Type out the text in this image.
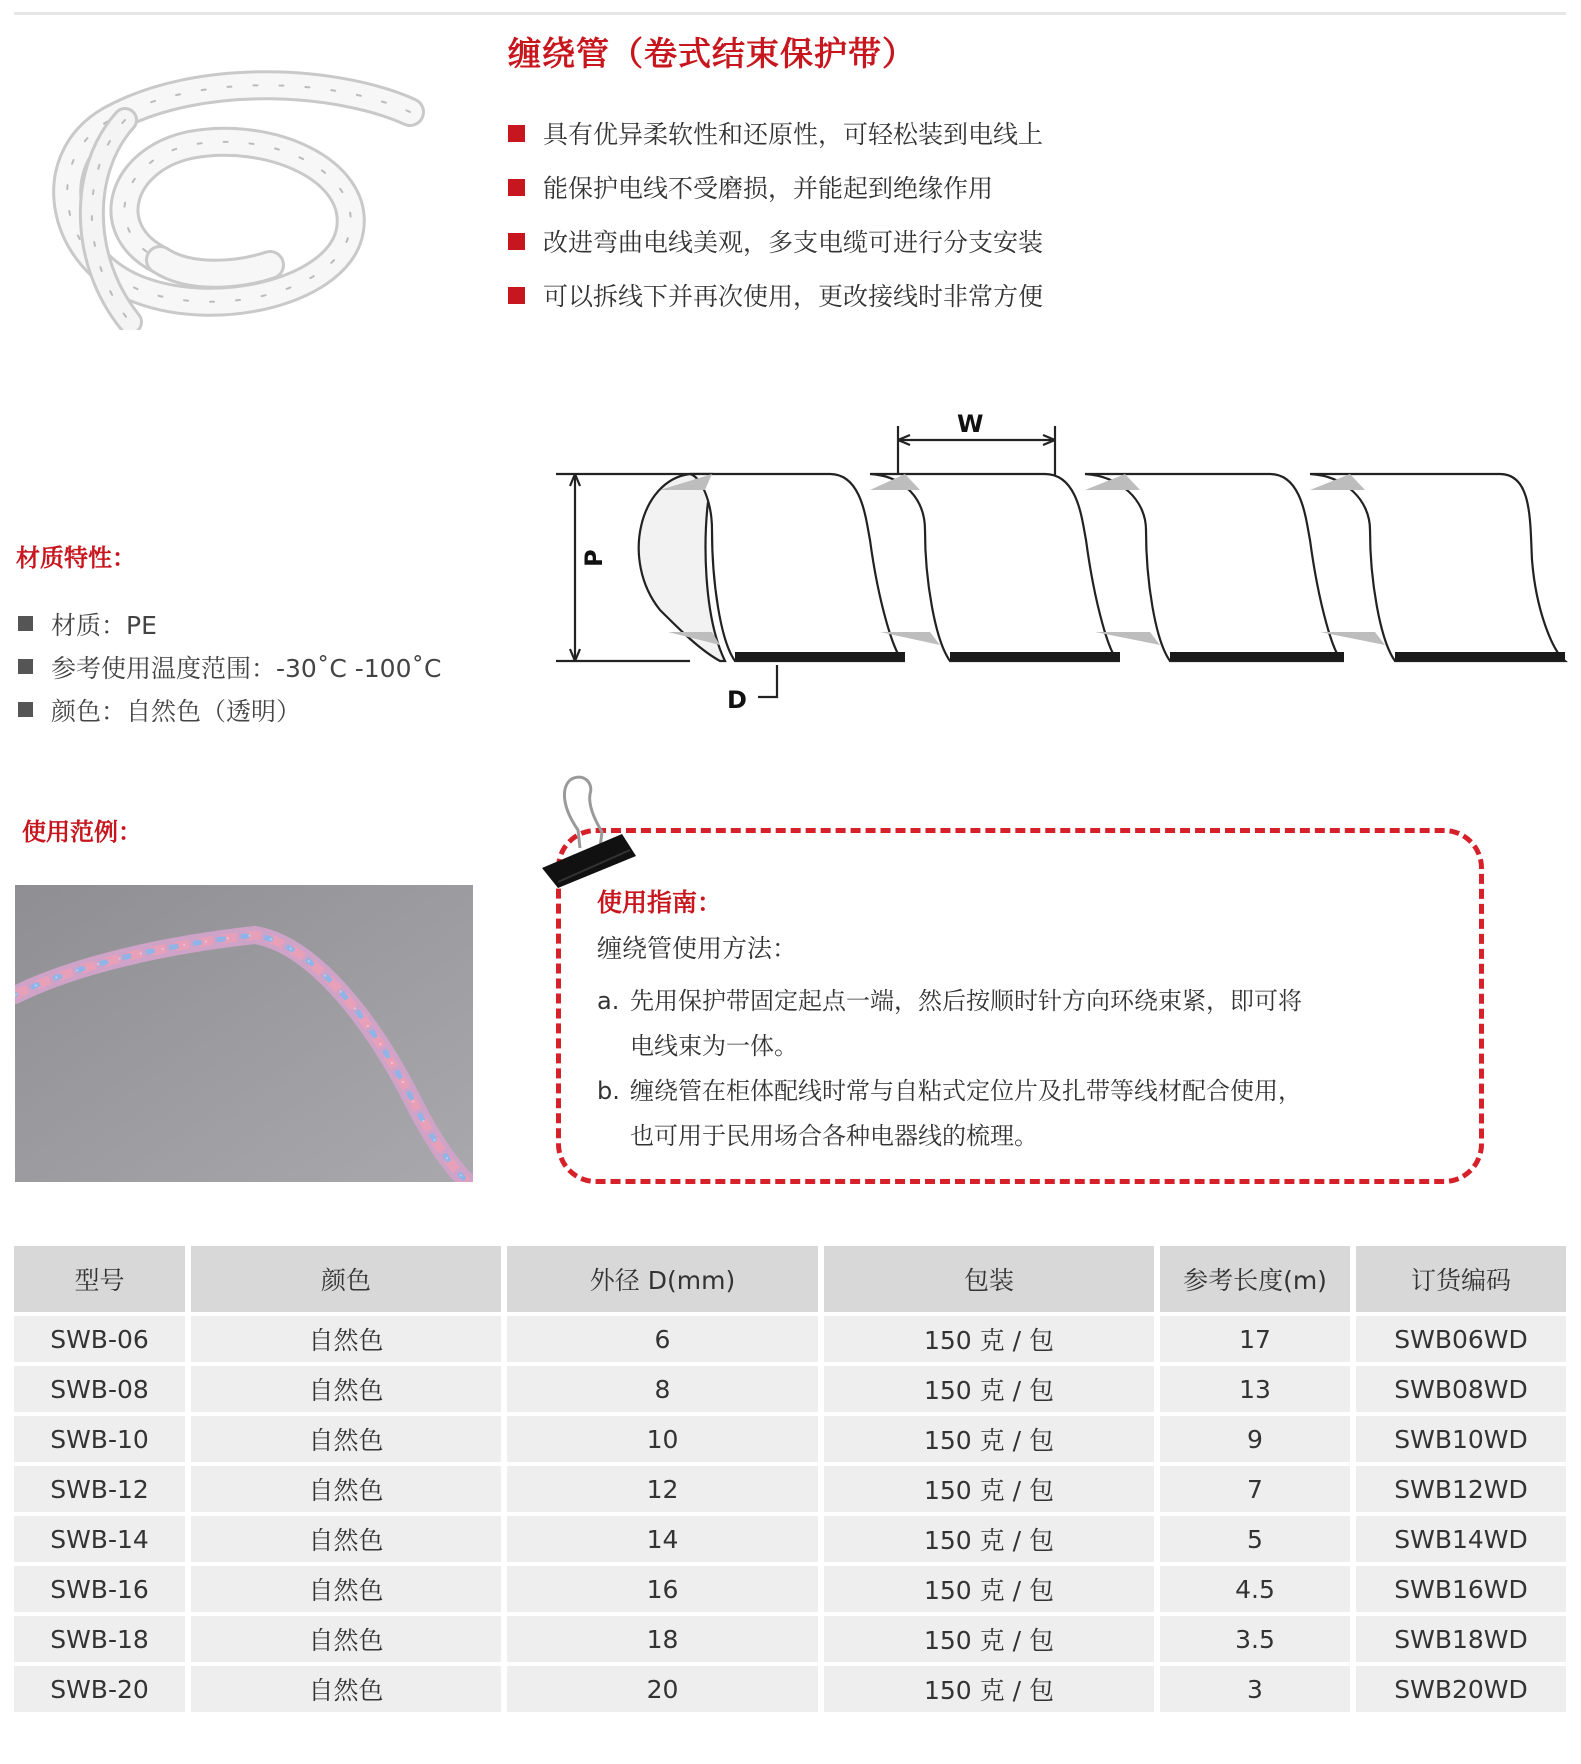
缠绕管（卷式结束保护带）
具有优异柔软性和还原性，可轻松装到电线上
能保护电线不受磨损，并能起到绝缘作用
改进弯曲电线美观，多支电缆可进行分支安装
可以拆线下并再次使用，更改接线时非常方便
材质特性：
材质：PE
参考使用温度范围：-30˚C -100˚C
颜色：自然色（透明）
W
P
D
使用范例：
使用指南：

缠绕管使用方法：

a. 先用保护带固定起点一端，然后按顺时针方向环绕束紧，即可将
电线束为一体。

b. 缠绕管在柜体配线时常与自粘式定位片及扎带等线材配合使用，
也可用于民用场合各种电器线的梳理。

型号	颜色	外径 D(mm)	包装	参考长度(m)	订货编码
SWB-06	自然色	6	150 克 / 包	17	SWB06WD
SWB-08	自然色	8	150 克 / 包	13	SWB08WD
SWB-10	自然色	10	150 克 / 包	9	SWB10WD
SWB-12	自然色	12	150 克 / 包	7	SWB12WD
SWB-14	自然色	14	150 克 / 包	5	SWB14WD
SWB-16	自然色	16	150 克 / 包	4.5	SWB16WD
SWB-18	自然色	18	150 克 / 包	3.5	SWB18WD
SWB-20	自然色	20	150 克 / 包	3	SWB20WD
